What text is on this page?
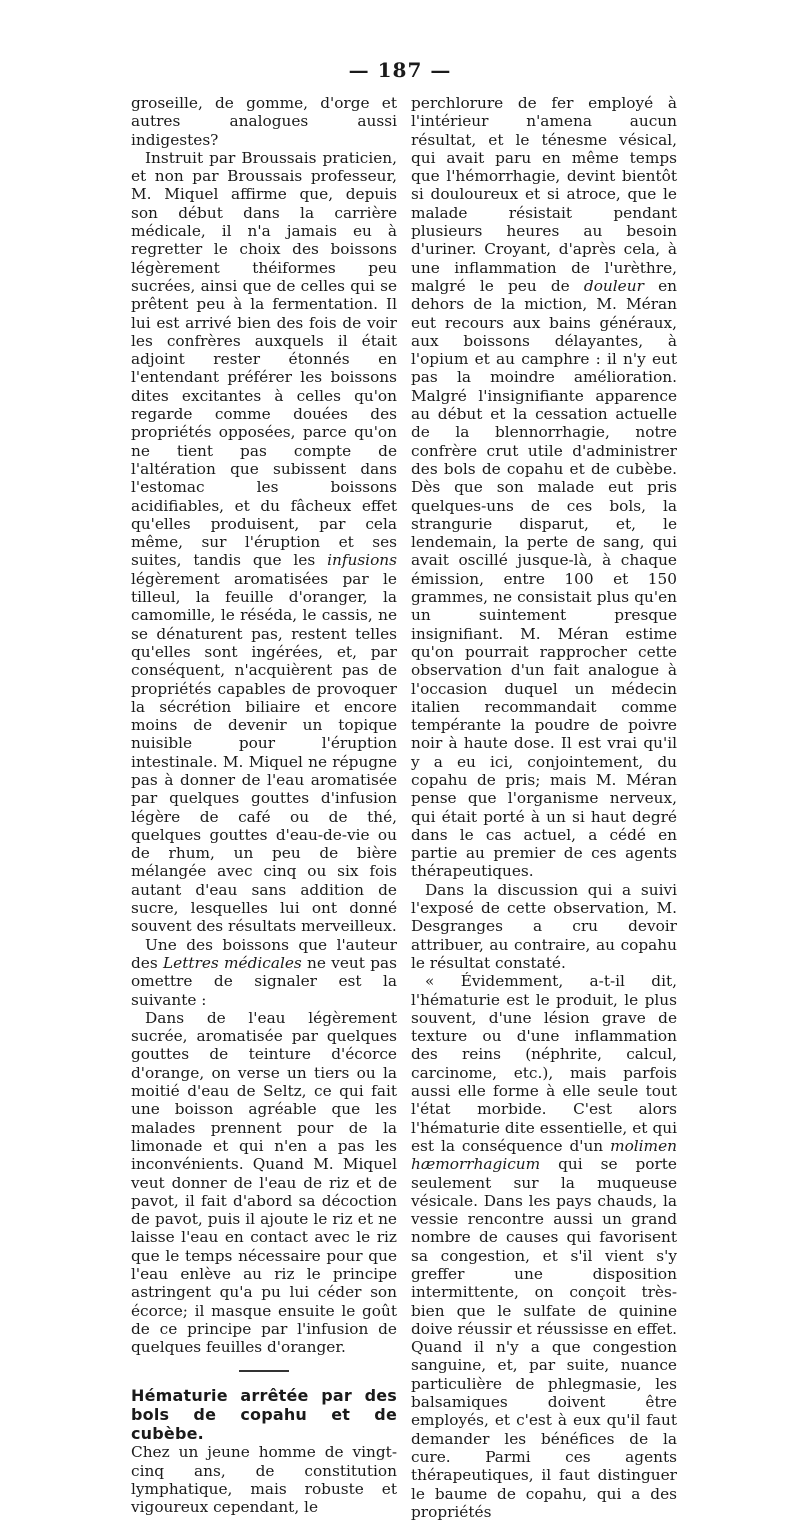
— 187 —

groseille, de gomme, d'orge et autres analogues aussi indigestes?

Instruit par Broussais praticien, et non par Broussais professeur, M. Miquel affirme que, depuis son début dans la carrière médicale, il n'a jamais eu à regretter le choix des boissons légèrement théiformes peu sucrées, ainsi que de celles qui se prêtent peu à la fermentation. Il lui est arrivé bien des fois de voir les confrères auxquels il était adjoint rester étonnés en l'entendant préférer les boissons dites excitantes à celles qu'on regarde comme douées des propriétés opposées, parce qu'on ne tient pas compte de l'altération que subissent dans l'estomac les boissons acidifiables, et du fâcheux effet qu'elles produisent, par cela même, sur l'éruption et ses suites, tandis que les infusions légèrement aromatisées par le tilleul, la feuille d'oranger, la camomille, le réséda, le cassis, ne se dénaturent pas, restent telles qu'elles sont ingérées, et, par conséquent, n'acquièrent pas de propriétés capables de provoquer la sécrétion biliaire et encore moins de devenir un topique nuisible pour l'éruption intestinale. M. Miquel ne répugne pas à donner de l'eau aromatisée par quelques gouttes d'infusion légère de café ou de thé, quelques gouttes d'eau-de-vie ou de rhum, un peu de bière mélangée avec cinq ou six fois autant d'eau sans addition de sucre, lesquelles lui ont donné souvent des résultats merveilleux.

Une des boissons que l'auteur des Lettres médicales ne veut pas omettre de signaler est la suivante :

Dans de l'eau légèrement sucrée, aromatisée par quelques gouttes de teinture d'écorce d'orange, on verse un tiers ou la moitié d'eau de Seltz, ce qui fait une boisson agréable que les malades prennent pour de la limonade et qui n'en a pas les inconvénients. Quand M. Miquel veut donner de l'eau de riz et de pavot, il fait d'abord sa décoction de pavot, puis il ajoute le riz et ne laisse l'eau en contact avec le riz que le temps nécessaire pour que l'eau enlève au riz le principe astringent qu'a pu lui céder son écorce; il masque ensuite le goût de ce principe par l'infusion de quelques feuilles d'oranger.

Hématurie arrêtée par des bols de copahu et de cubèbe.

Chez un jeune homme de vingt-cinq ans, de constitution lymphatique, mais robuste et vigoureux cependant, le

perchlorure de fer employé à l'intérieur n'amena aucun résultat, et le ténesme vésical, qui avait paru en même temps que l'hémorrhagie, devint bientôt si douloureux et si atroce, que le malade résistait pendant plusieurs heures au besoin d'uriner. Croyant, d'après cela, à une inflammation de l'urèthre, malgré le peu de douleur en dehors de la miction, M. Méran eut recours aux bains généraux, aux boissons délayantes, à l'opium et au camphre : il n'y eut pas la moindre amélioration. Malgré l'insignifiante apparence au début et la cessation actuelle de la blennorrhagie, notre confrère crut utile d'administrer des bols de copahu et de cubèbe. Dès que son malade eut pris quelques-uns de ces bols, la strangurie disparut, et, le lendemain, la perte de sang, qui avait oscillé jusque-là, à chaque émission, entre 100 et 150 grammes, ne consistait plus qu'en un suintement presque insignifiant. M. Méran estime qu'on pourrait rapprocher cette observation d'un fait analogue à l'occasion duquel un médecin italien recommandait comme tempérante la poudre de poivre noir à haute dose. Il est vrai qu'il y a eu ici, conjointement, du copahu de pris; mais M. Méran pense que l'organisme nerveux, qui était porté à un si haut degré dans le cas actuel, a cédé en partie au premier de ces agents thérapeutiques.

Dans la discussion qui a suivi l'exposé de cette observation, M. Desgranges a cru devoir attribuer, au contraire, au copahu le résultat constaté.

« Évidemment, a-t-il dit, l'hématurie est le produit, le plus souvent, d'une lésion grave de texture ou d'une inflammation des reins (néphrite, calcul, carcinome, etc.), mais parfois aussi elle forme à elle seule tout l'état morbide. C'est alors l'hématurie dite essentielle, et qui est la conséquence d'un molimen hæmorrhagicum qui se porte seulement sur la muqueuse vésicale. Dans les pays chauds, la vessie rencontre aussi un grand nombre de causes qui favorisent sa congestion, et s'il vient s'y greffer une disposition intermittente, on conçoit très-bien que le sulfate de quinine doive réussir et réussisse en effet. Quand il n'y a que congestion sanguine, et, par suite, nuance particulière de phlegmasie, les balsamiques doivent être employés, et c'est à eux qu'il faut demander les bénéfices de la cure. Parmi ces agents thérapeutiques, il faut distinguer le baume de copahu, qui a des propriétés
